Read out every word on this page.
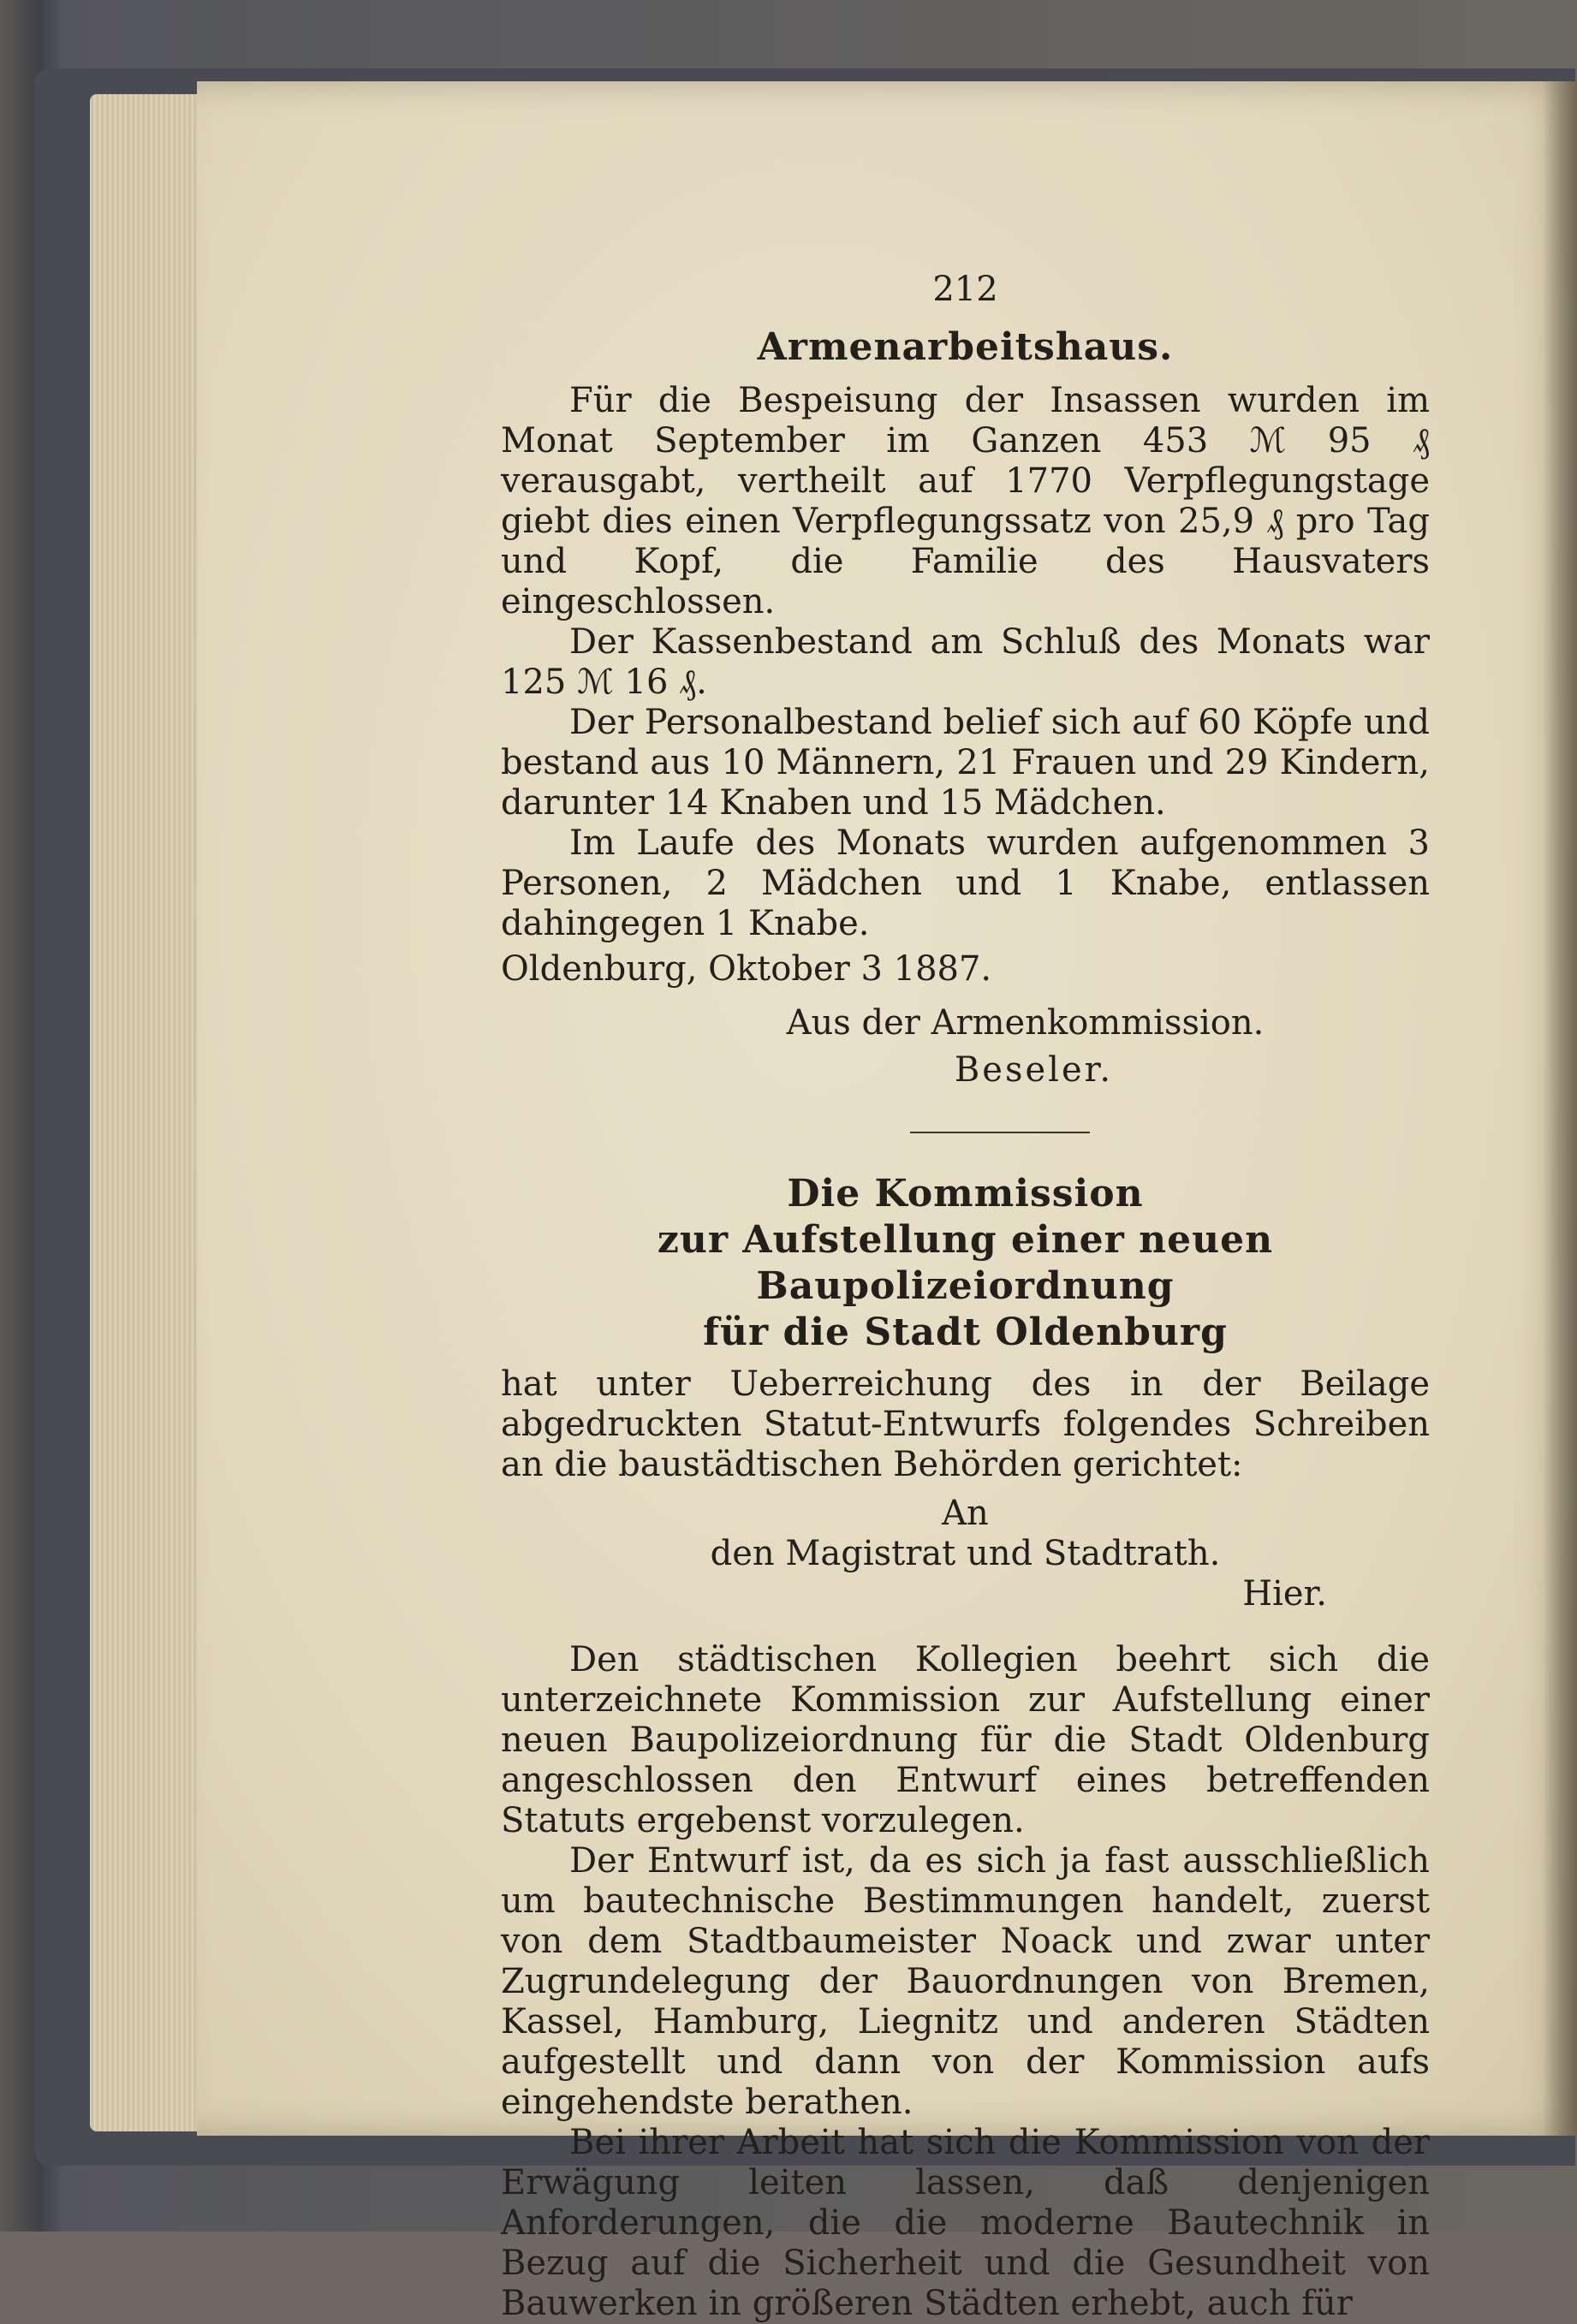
212
Armenarbeitshaus.

Für die Bespeisung der Insassen wurden im Monat September im Ganzen 453 ℳ 95 ₰ verausgabt, vertheilt auf 1770 Verpflegungstage giebt dies einen Verpflegungssatz von 25,9 ₰ pro Tag und Kopf, die Familie des Hausvaters eingeschlossen.

Der Kassenbestand am Schluß des Monats war 125 ℳ 16 ₰.

Der Personalbestand belief sich auf 60 Köpfe und bestand aus 10 Männern, 21 Frauen und 29 Kindern, darunter 14 Knaben und 15 Mädchen.

Im Laufe des Monats wurden aufgenommen 3 Personen, 2 Mädchen und 1 Knabe, entlassen dahingegen 1 Knabe.

Oldenburg, Oktober 3 1887.

Aus der Armenkommission.
Beseler.
Die Kommission
zur Aufstellung einer neuen Baupolizeiordnung
für die Stadt Oldenburg

hat unter Ueberreichung des in der Beilage abgedruckten Statut-Entwurfs folgendes Schreiben an die baustädtischen Behörden gerichtet:

An
den Magistrat und Stadtrath.
Hier.

Den städtischen Kollegien beehrt sich die unterzeichnete Kommission zur Aufstellung einer neuen Baupolizeiordnung für die Stadt Oldenburg angeschlossen den Entwurf eines betreffenden Statuts ergebenst vorzulegen.

Der Entwurf ist, da es sich ja fast ausschließlich um bautechnische Bestimmungen handelt, zuerst von dem Stadtbaumeister Noack und zwar unter Zugrundelegung der Bauordnungen von Bremen, Kassel, Hamburg, Liegnitz und anderen Städten aufgestellt und dann von der Kommission aufs eingehendste berathen.

Bei ihrer Arbeit hat sich die Kommission von der Erwägung leiten lassen, daß denjenigen Anforderungen, die die moderne Bautechnik in Bezug auf die Sicherheit und die Gesundheit von Bauwerken in größeren Städten erhebt, auch für
